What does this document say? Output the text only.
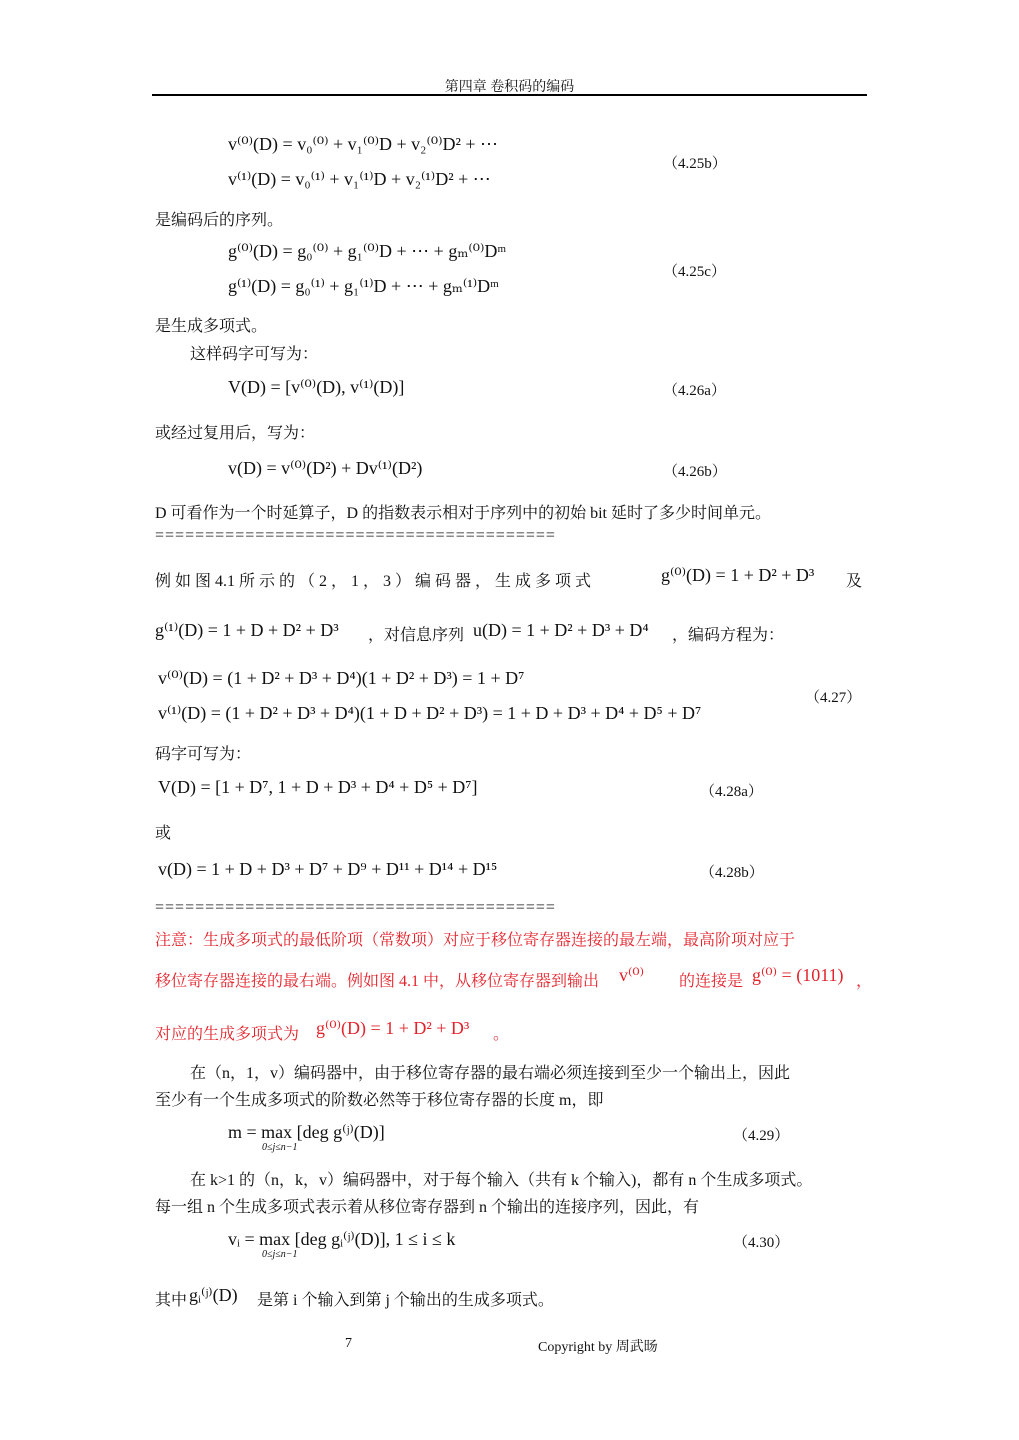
第四章 卷积码的编码
v⁽⁰⁾(D) = v₀⁽⁰⁾ + v₁⁽⁰⁾D + v₂⁽⁰⁾D² + ⋯
v⁽¹⁾(D) = v₀⁽¹⁾ + v₁⁽¹⁾D + v₂⁽¹⁾D² + ⋯
（4.25b）
是编码后的序列。
g⁽⁰⁾(D) = g₀⁽⁰⁾ + g₁⁽⁰⁾D + ⋯ + gₘ⁽⁰⁾Dᵐ
g⁽¹⁾(D) = g₀⁽¹⁾ + g₁⁽¹⁾D + ⋯ + gₘ⁽¹⁾Dᵐ
（4.25c）
是生成多项式。
这样码字可写为：
V(D) = [v⁽⁰⁾(D), v⁽¹⁾(D)]	（4.26a）
或经过复用后，写为：
v(D) = v⁽⁰⁾(D²) + Dv⁽¹⁾(D²)	（4.26b）
D 可看作为一个时延算子，D 的指数表示相对于序列中的初始 bit 延时了多少时间单元。
========================================
例 如 图 4.1 所 示 的 （ 2 ， 1 ， 3 ） 编 码 器 ， 生 成 多 项 式	g⁽⁰⁾(D) = 1 + D² + D³ 及
g⁽¹⁾(D) = 1 + D + D² + D³ ，对信息序列 u(D) = 1 + D² + D³ + D⁴ ，编码方程为：
v⁽⁰⁾(D) = (1 + D² + D³ + D⁴)(1 + D² + D³) = 1 + D⁷
v⁽¹⁾(D) = (1 + D² + D³ + D⁴)(1 + D + D² + D³) = 1 + D + D³ + D⁴ + D⁵ + D⁷
（4.27）
码字可写为：
V(D) = [1 + D⁷, 1 + D + D³ + D⁴ + D⁵ + D⁷]	（4.28a）
或
v(D) = 1 + D + D³ + D⁷ + D⁹ + D¹¹ + D¹⁴ + D¹⁵	（4.28b）
========================================
注意：生成多项式的最低阶项（常数项）对应于移位寄存器连接的最左端，最高阶项对应于
移位寄存器连接的最右端。例如图 4.1 中，从移位寄存器到输出 v⁽⁰⁾ 的连接是 g⁽⁰⁾ = (1011) ，
对应的生成多项式为 g⁽⁰⁾(D) = 1 + D² + D³ 。
在（n，1，v）编码器中，由于移位寄存器的最右端必须连接到至少一个输出上，因此
至少有一个生成多项式的阶数必然等于移位寄存器的长度 m，即
m = max [deg g⁽ʲ⁾(D)]
0≤j≤n−1
（4.29）
在 k>1 的（n，k，v）编码器中，对于每个输入（共有 k 个输入)，都有 n 个生成多项式。
每一组 n 个生成多项式表示着从移位寄存器到 n 个输出的连接序列，因此，有
vᵢ = max [deg gᵢ⁽ʲ⁾(D)], 1 ≤ i ≤ k
0≤j≤n−1
（4.30）
其中 gᵢ⁽ʲ⁾(D) 是第 i 个输入到第 j 个输出的生成多项式。
7	Copyright by 周武旸
